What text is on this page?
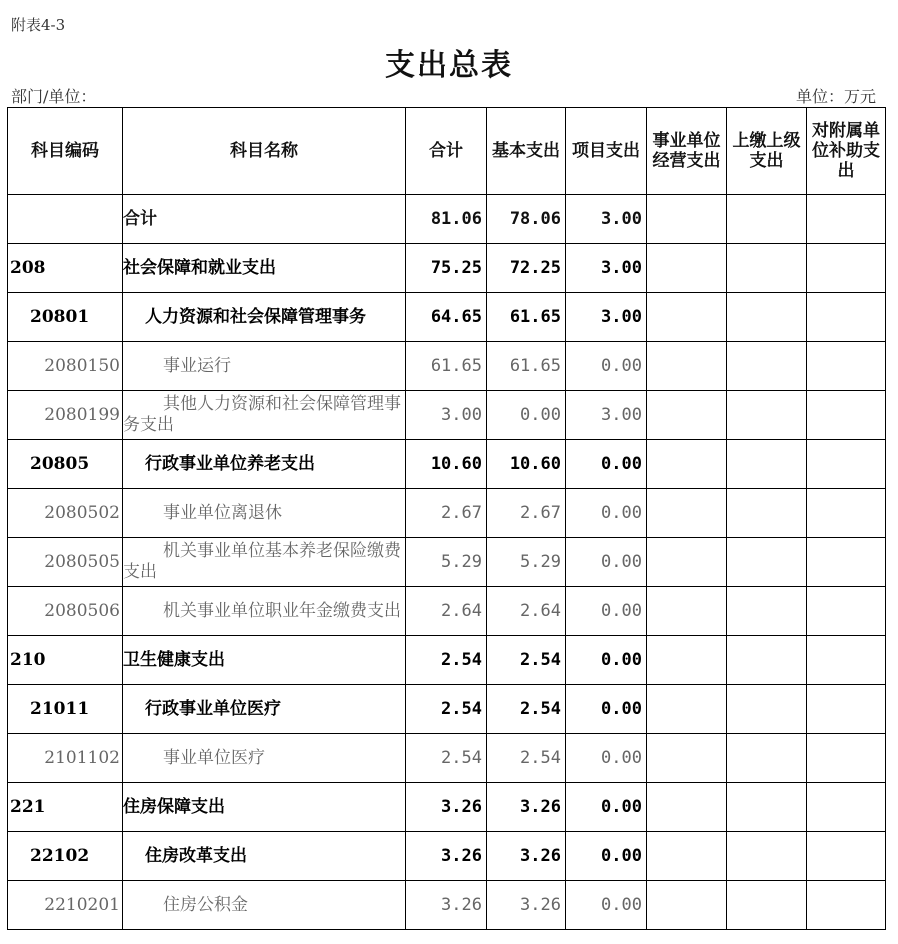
附表4-3
支出总表
部门/单位：	单位：万元
科目编码	科目名称	合计	基本支出	项目支出	事业单位经营支出	上缴上级支出	对附属单位补助支出
	合计	81.06	78.06	3.00			
208	社会保障和就业支出	75.25	72.25	3.00			
20801	人力资源和社会保障管理事务	64.65	61.65	3.00			
2080150	事业运行	61.65	61.65	0.00			
2080199	其他人力资源和社会保障管理事务支出	3.00	0.00	3.00			
20805	行政事业单位养老支出	10.60	10.60	0.00			
2080502	事业单位离退休	2.67	2.67	0.00			
2080505	机关事业单位基本养老保险缴费支出	5.29	5.29	0.00			
2080506	机关事业单位职业年金缴费支出	2.64	2.64	0.00			
210	卫生健康支出	2.54	2.54	0.00			
21011	行政事业单位医疗	2.54	2.54	0.00			
2101102	事业单位医疗	2.54	2.54	0.00			
221	住房保障支出	3.26	3.26	0.00			
22102	住房改革支出	3.26	3.26	0.00			
2210201	住房公积金	3.26	3.26	0.00			
